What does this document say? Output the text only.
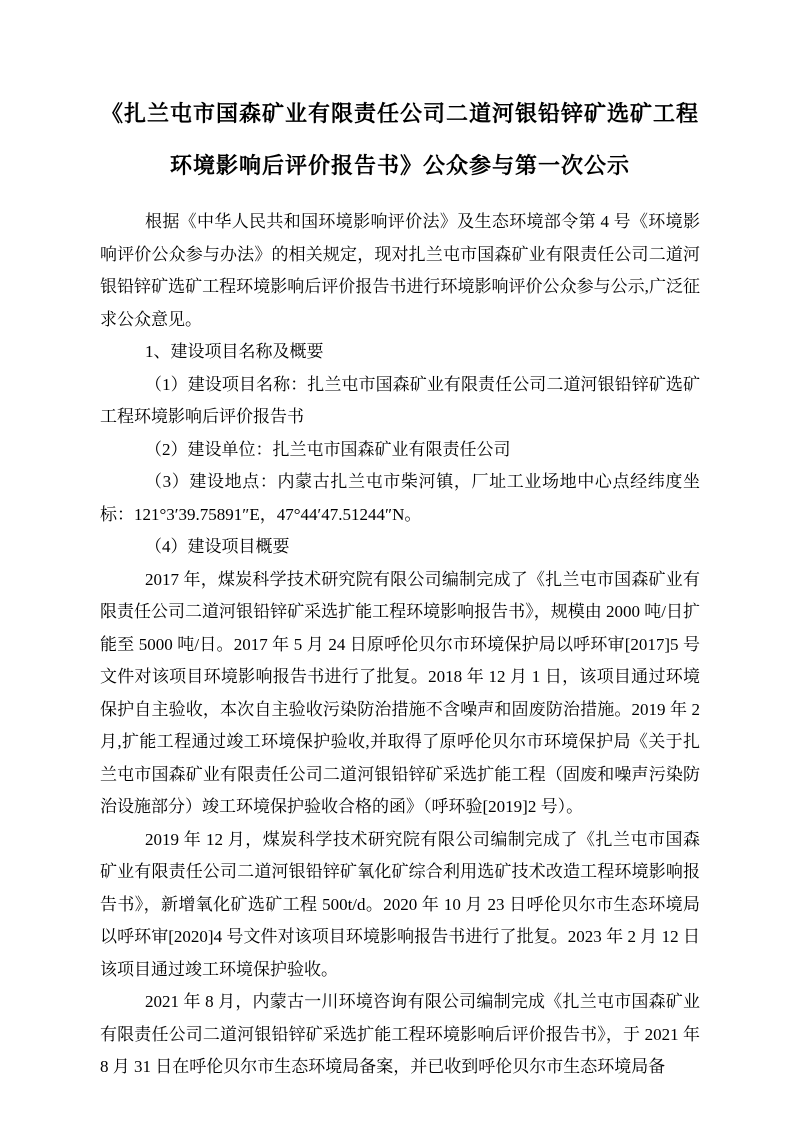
《扎兰屯市国森矿业有限责任公司二道河银铅锌矿选矿工程
环境影响后评价报告书》公众参与第一次公示

根据《中华人民共和国环境影响评价法》及生态环境部令第 4 号《环境影响评价公众参与办法》的相关规定，现对扎兰屯市国森矿业有限责任公司二道河银铅锌矿选矿工程环境影响后评价报告书进行环境影响评价公众参与公示,广泛征求公众意见。

1、建设项目名称及概要

（1）建设项目名称：扎兰屯市国森矿业有限责任公司二道河银铅锌矿选矿工程环境影响后评价报告书

（2）建设单位：扎兰屯市国森矿业有限责任公司

（3）建设地点：内蒙古扎兰屯市柴河镇，厂址工业场地中心点经纬度坐标：121°3′39.75891″E，47°44′47.51244″N。

（4）建设项目概要

2017 年，煤炭科学技术研究院有限公司编制完成了《扎兰屯市国森矿业有限责任公司二道河银铅锌矿采选扩能工程环境影响报告书》，规模由 2000 吨/日扩能至 5000 吨/日。2017 年 5 月 24 日原呼伦贝尔市环境保护局以呼环审[2017]5 号文件对该项目环境影响报告书进行了批复。2018 年 12 月 1 日，该项目通过环境保护自主验收，本次自主验收污染防治措施不含噪声和固废防治措施。2019 年 2 月,扩能工程通过竣工环境保护验收,并取得了原呼伦贝尔市环境保护局《关于扎兰屯市国森矿业有限责任公司二道河银铅锌矿采选扩能工程（固废和噪声污染防治设施部分）竣工环境保护验收合格的函》（呼环验[2019]2 号）。

2019 年 12 月，煤炭科学技术研究院有限公司编制完成了《扎兰屯市国森矿业有限责任公司二道河银铅锌矿氧化矿综合利用选矿技术改造工程环境影响报告书》，新增氧化矿选矿工程 500t/d。2020 年 10 月 23 日呼伦贝尔市生态环境局以呼环审[2020]4 号文件对该项目环境影响报告书进行了批复。2023 年 2 月 12 日该项目通过竣工环境保护验收。

2021 年 8 月，内蒙古一川环境咨询有限公司编制完成《扎兰屯市国森矿业有限责任公司二道河银铅锌矿采选扩能工程环境影响后评价报告书》，于 2021 年 8 月 31 日在呼伦贝尔市生态环境局备案，并已收到呼伦贝尔市生态环境局备
